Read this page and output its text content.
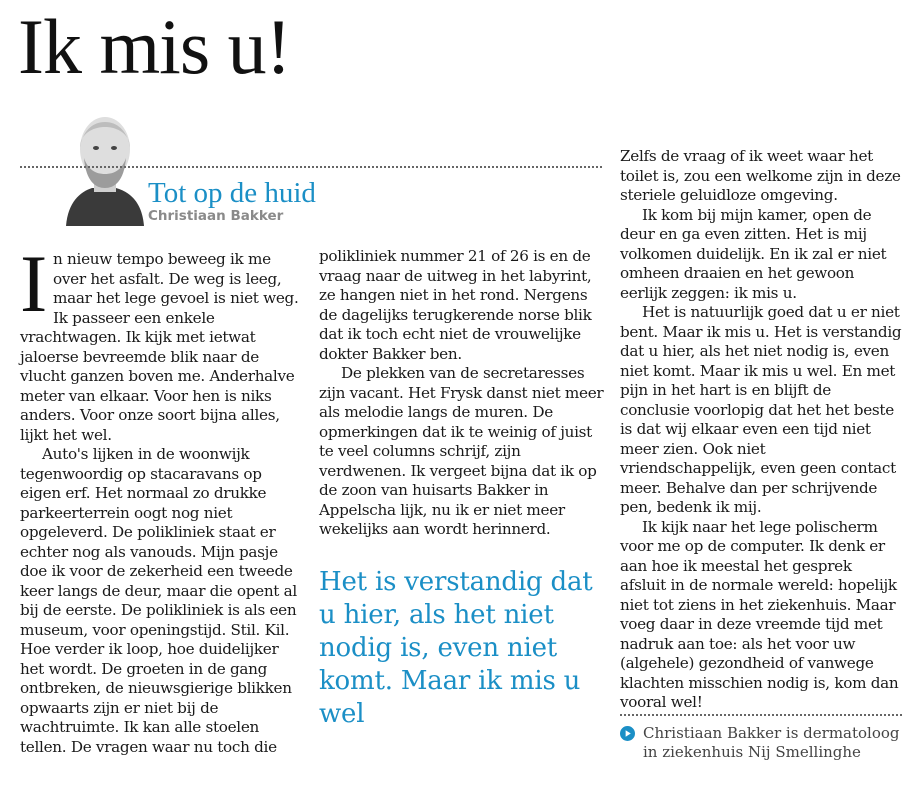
Ik mis u!
Tot op de huid
Christiaan Bakker
I n nieuw tempo beweeg ik me over het asfalt. De weg is leeg, maar het lege gevoel is niet weg. Ik passeer een enkele vrachtwagen. Ik kijk met ietwat jaloerse bevreemde blik naar de vlucht ganzen boven me. Anderhalve meter van elkaar. Voor hen is niks anders. Voor onze soort bijna alles, lijkt het wel.

Auto's lijken in de woonwijk tegenwoordig op stacaravans op eigen erf. Het normaal zo drukke parkeerterrein oogt nog niet opgeleverd. De polikliniek staat er echter nog als vanouds. Mijn pasje doe ik voor de zekerheid een tweede keer langs de deur, maar die opent al bij de eerste. De polikliniek is als een museum, voor openingstijd. Stil. Kil. Hoe verder ik loop, hoe duidelijker het wordt. De groeten in de gang ontbreken, de nieuwsgierige blikken opwaarts zijn er niet bij de wachtruimte. Ik kan alle stoelen tellen. De vragen waar nu toch die

polikliniek nummer 21 of 26 is en de vraag naar de uitweg in het labyrint, ze hangen niet in het rond. Nergens de dagelijks terugkerende norse blik dat ik toch echt niet de vrouwelijke dokter Bakker ben.

De plekken van de secretaresses zijn vacant. Het Frysk danst niet meer als melodie langs de muren. De opmerkingen dat ik te weinig of juist te veel columns schrijf, zijn verdwenen. Ik vergeet bijna dat ik op de zoon van huisarts Bakker in Appelscha lijk, nu ik er niet meer wekelijks aan wordt herinnerd.

Het is verstandig dat u hier, als het niet nodig is, even niet komt. Maar ik mis u wel

Zelfs de vraag of ik weet waar het toilet is, zou een welkome zijn in deze steriele geluidloze omgeving.

Ik kom bij mijn kamer, open de deur en ga even zitten. Het is mij volkomen duidelijk. En ik zal er niet omheen draaien en het gewoon eerlijk zeggen: ik mis u.

Het is natuurlijk goed dat u er niet bent. Maar ik mis u. Het is verstandig dat u hier, als het niet nodig is, even niet komt. Maar ik mis u wel. En met pijn in het hart is en blijft de conclusie voorlopig dat het het beste is dat wij elkaar even een tijd niet meer zien. Ook niet vriendschappelijk, even geen contact meer. Behalve dan per schrijvende pen, bedenk ik mij.

Ik kijk naar het lege polischerm voor me op de computer. Ik denk er aan hoe ik meestal het gesprek afsluit in de normale wereld: hopelijk niet tot ziens in het ziekenhuis. Maar voeg daar in deze vreemde tijd met nadruk aan toe: als het voor uw (algehele) gezondheid of vanwege klachten misschien nodig is, kom dan vooral wel!

Christiaan Bakker is dermatoloog in ziekenhuis Nij Smellinghe
